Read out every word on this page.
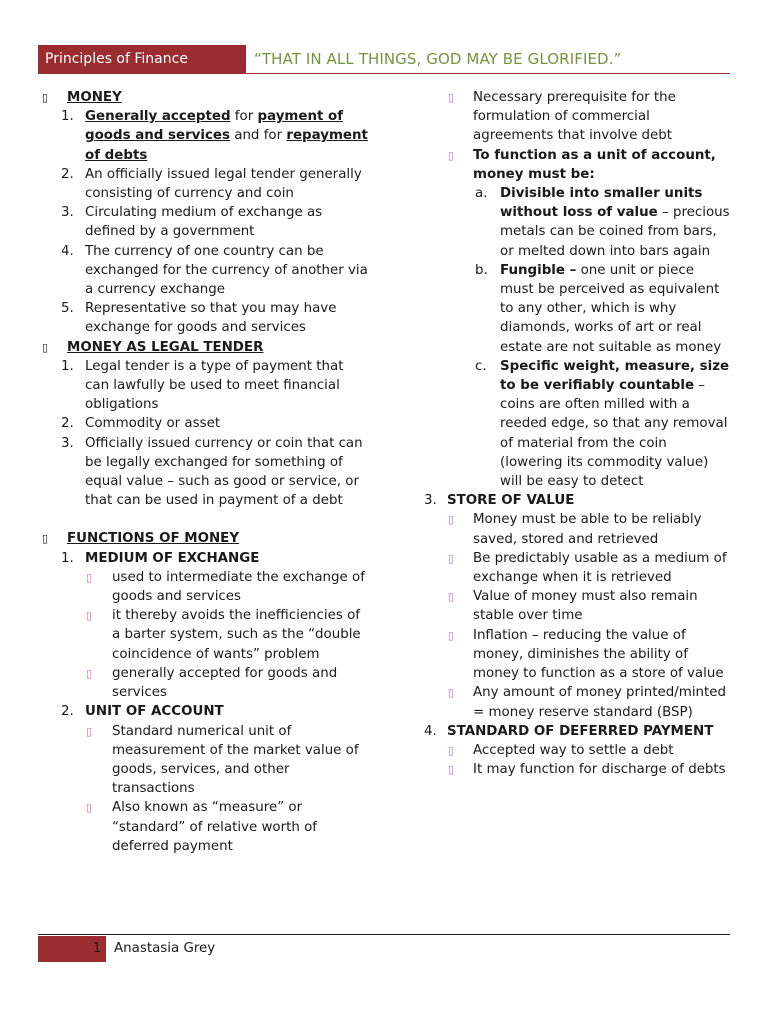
Principles of Finance	“THAT IN ALL THINGS, GOD MAY BE GLORIFIED.”
▯ MONEY
1. Generally accepted for payment of goods and services and for repayment of debts
2. An officially issued legal tender generally consisting of currency and coin
3. Circulating medium of exchange as defined by a government
4. The currency of one country can be exchanged for the currency of another via a currency exchange
5. Representative so that you may have exchange for goods and services
▯ MONEY AS LEGAL TENDER
1. Legal tender is a type of payment that can lawfully be used to meet financial obligations
2. Commodity or asset
3. Officially issued currency or coin that can be legally exchanged for something of equal value – such as good or service, or that can be used in payment of a debt
▯ FUNCTIONS OF MONEY
1. MEDIUM OF EXCHANGE
▯ used to intermediate the exchange of goods and services
▯ it thereby avoids the inefficiencies of a barter system, such as the “double coincidence of wants” problem
▯ generally accepted for goods and services
2. UNIT OF ACCOUNT
▯ Standard numerical unit of measurement of the market value of goods, services, and other transactions
▯ Also known as “measure” or “standard” of relative worth of deferred payment
▯ Necessary prerequisite for the formulation of commercial agreements that involve debt
▯ To function as a unit of account, money must be:
a. Divisible into smaller units without loss of value – precious metals can be coined from bars, or melted down into bars again
b. Fungible – one unit or piece must be perceived as equivalent to any other, which is why diamonds, works of art or real estate are not suitable as money
c. Specific weight, measure, size to be verifiably countable – coins are often milled with a reeded edge, so that any removal of material from the coin (lowering its commodity value) will be easy to detect
3. STORE OF VALUE
▯ Money must be able to be reliably saved, stored and retrieved
▯ Be predictably usable as a medium of exchange when it is retrieved
▯ Value of money must also remain stable over time
▯ Inflation – reducing the value of money, diminishes the ability of money to function as a store of value
▯ Any amount of money printed/minted = money reserve standard (BSP)
4. STANDARD OF DEFERRED PAYMENT
▯ Accepted way to settle a debt
▯ It may function for discharge of debts
1 Anastasia Grey
